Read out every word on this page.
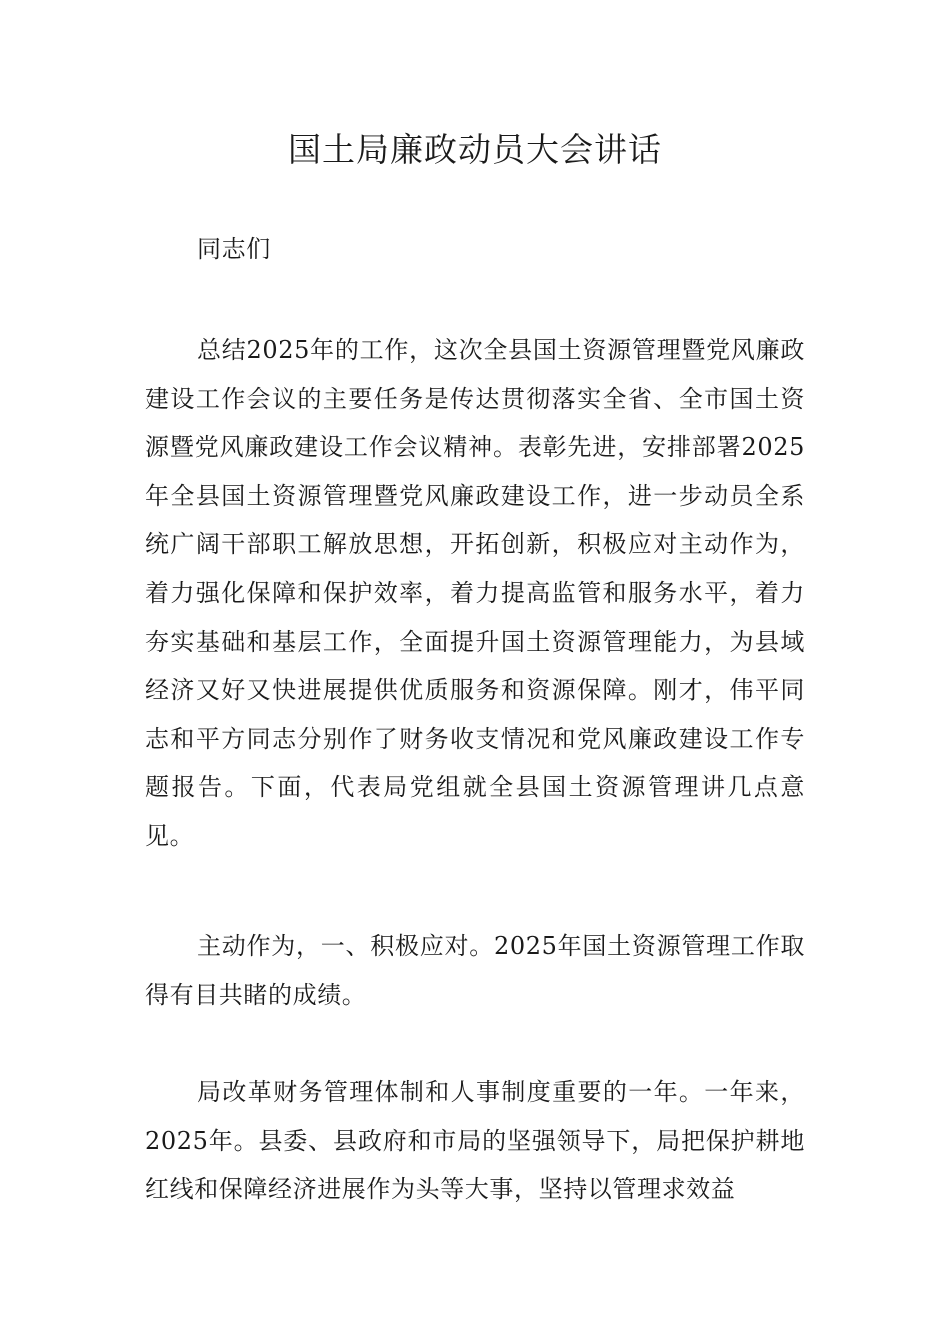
国土局廉政动员大会讲话

同志们

总结2025年的工作，这次全县国土资源管理暨党风廉政建设工作会议的主要任务是传达贯彻落实全省、全市国土资源暨党风廉政建设工作会议精神。表彰先进，安排部署2025年全县国土资源管理暨党风廉政建设工作，进一步动员全系统广阔干部职工解放思想，开拓创新，积极应对主动作为，着力强化保障和保护效率，着力提高监管和服务水平，着力夯实基础和基层工作，全面提升国土资源管理能力，为县域经济又好又快进展提供优质服务和资源保障。刚才，伟平同志和平方同志分别作了财务收支情况和党风廉政建设工作专题报告。下面，代表局党组就全县国土资源管理讲几点意见。

主动作为，一、积极应对。2025年国土资源管理工作取得有目共睹的成绩。

局改革财务管理体制和人事制度重要的一年。一年来，2025年。县委、县政府和市局的坚强领导下，局把保护耕地红线和保障经济进展作为头等大事，坚持以管理求效益
